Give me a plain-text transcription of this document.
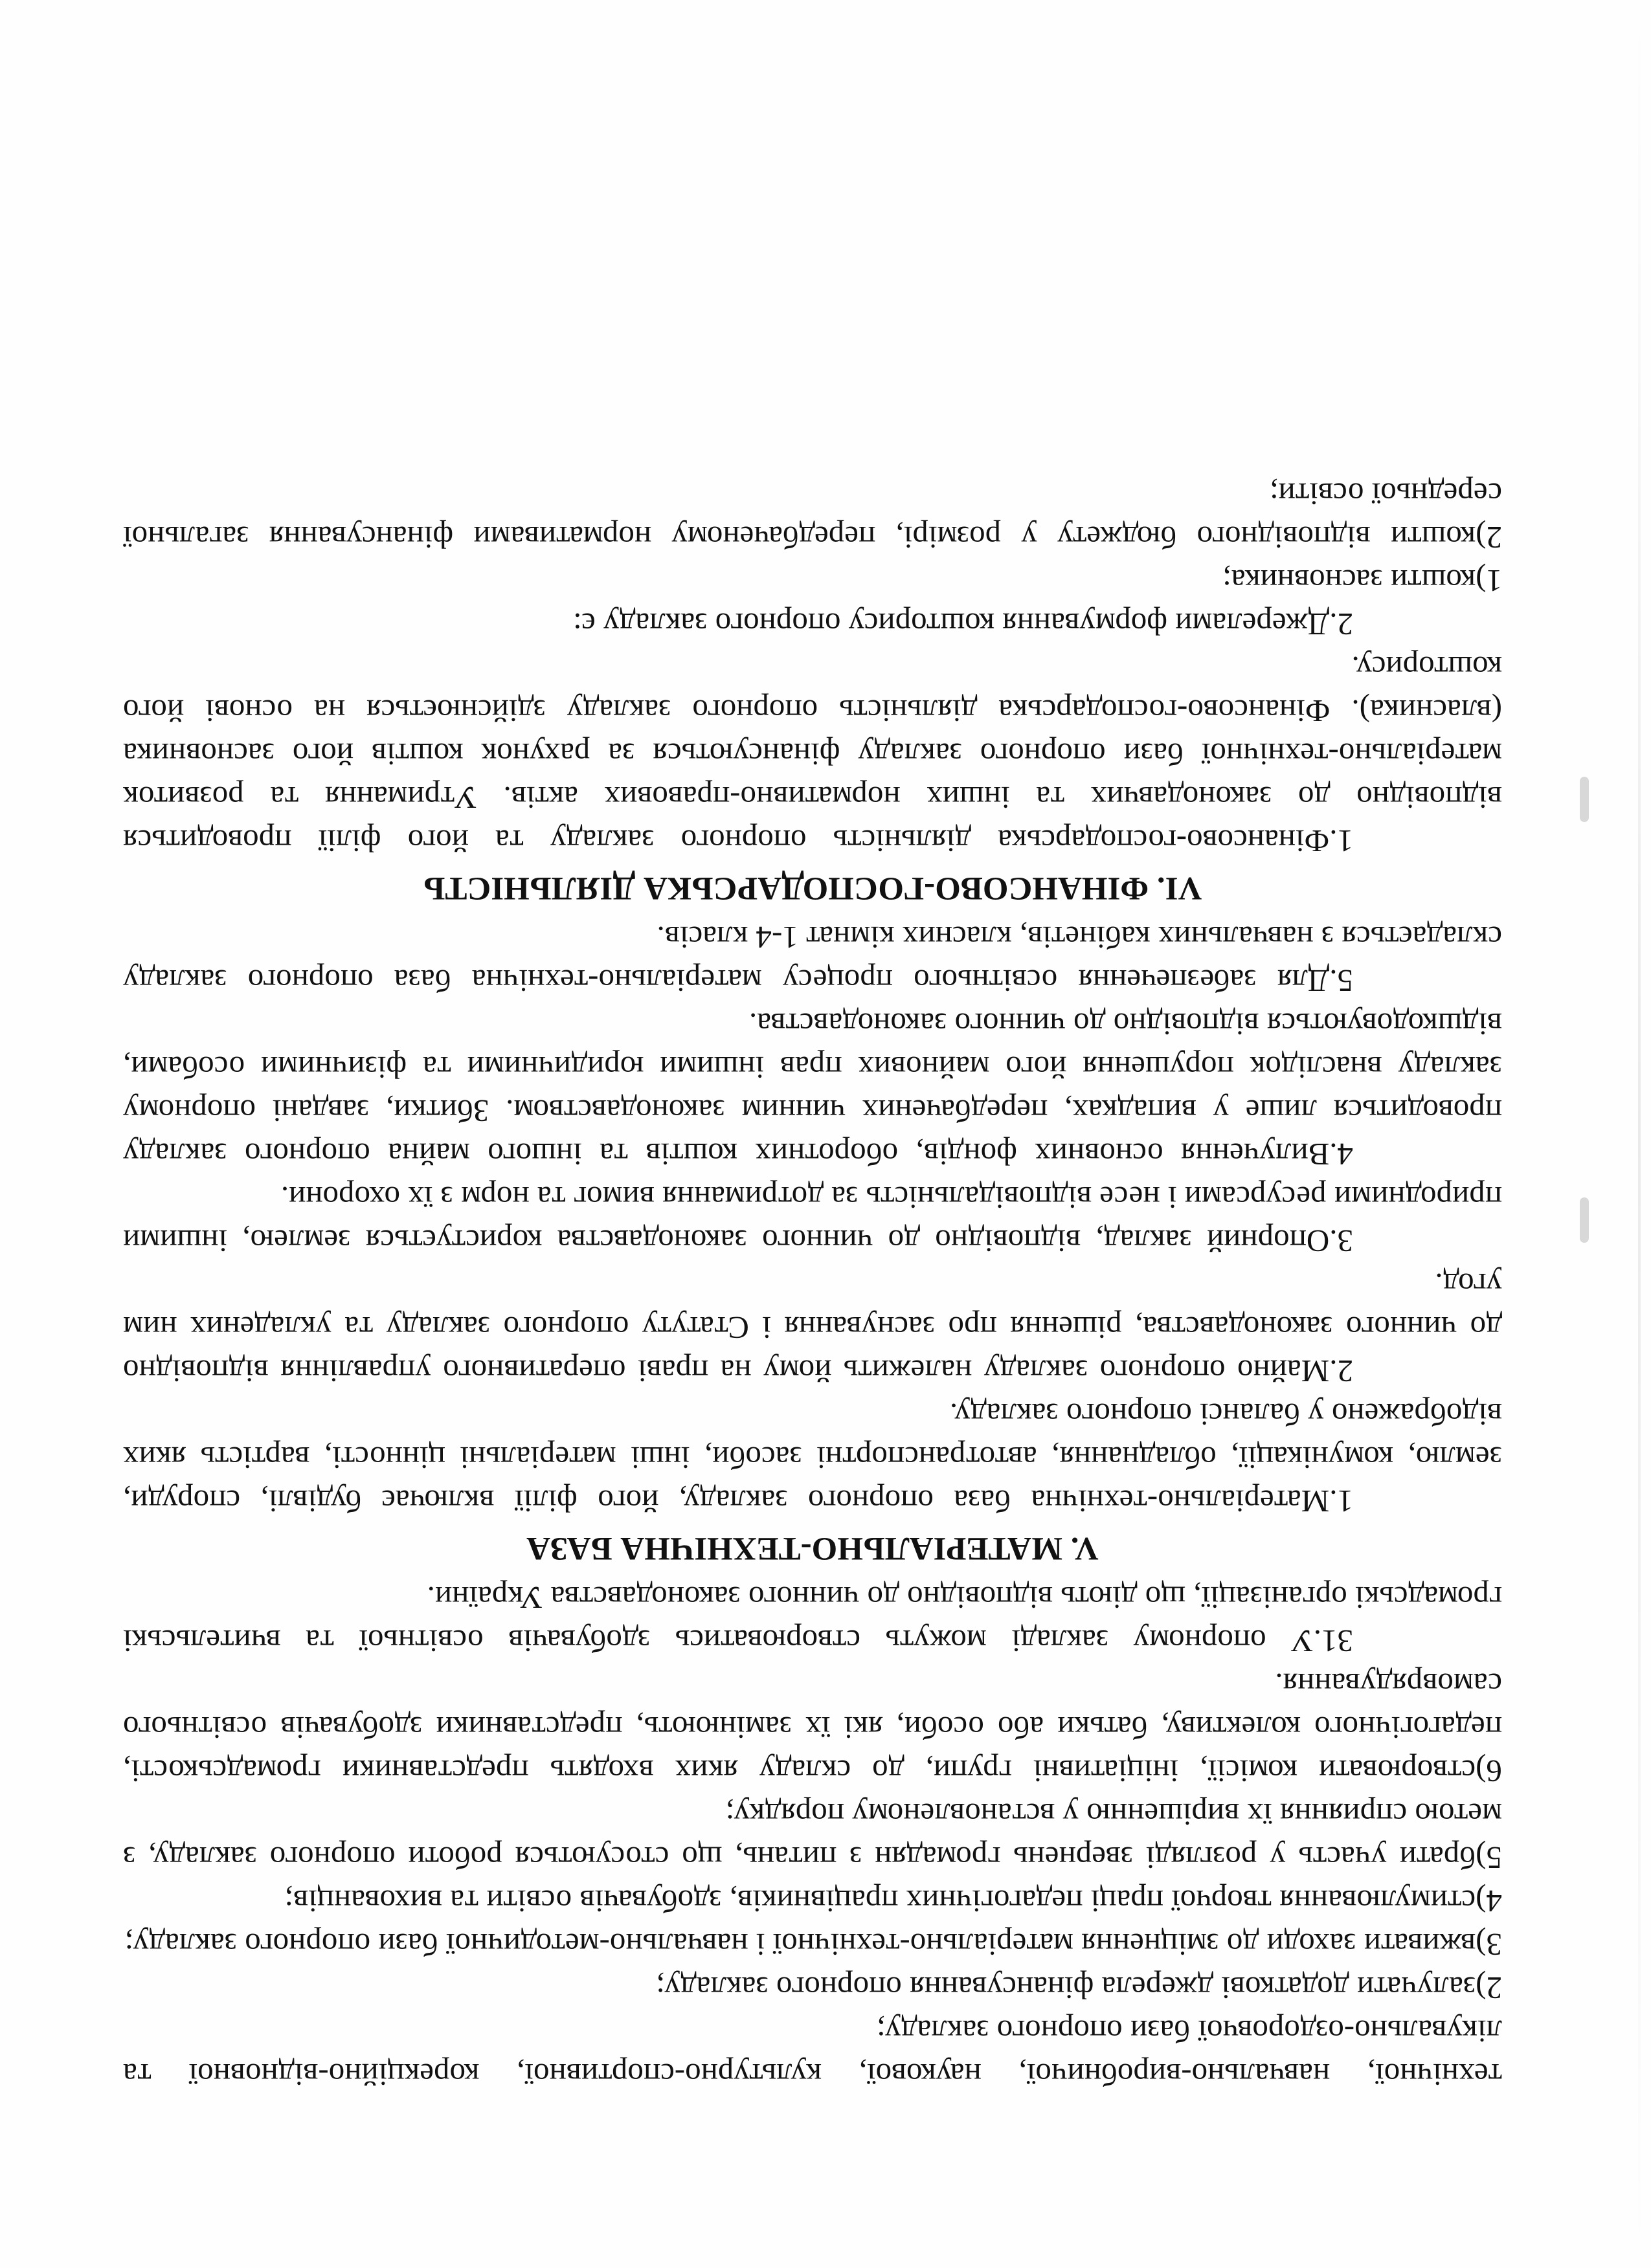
технічної, навчально-виробничої, наукової, культурно-спортивної, корекційно-відновної та лікувально-оздоровчої бази опорного закладу;

2)залучати додаткові джерела фінансування опорного закладу;

3)вживати заходи до зміцнення матеріально-технічної і навчально-методичної бази опорного закладу;

4)стимулювання творчої праці педагогічних працівників, здобувачів освіти та вихованців;

5)брати участь у розгляді звернень громадян з питань, що стосуються роботи опорного закладу, з метою сприяння їх вирішенню у встановленому порядку;

6)створювати комісії, ініціативні групи, до складу яких входять представники громадськості, педагогічного колективу, батьки або особи, які їх замінюють, представники здобувачів освітнього самоврядування.

31.У опорному закладі можуть створюватись здобувачів освітньої та вчительські громадські організації, що діють відповідно до чинного законодавства України.

V. МАТЕРІАЛЬНО-ТЕХНІЧНА БАЗА

1.Матеріально-технічна база опорного закладу, його філії включає будівлі, споруди, землю, комунікації, обладнання, автотранспортні засоби, інші матеріальні цінності, вартість яких відображено у балансі опорного закладу.

2.Майно опорного закладу належить йому на праві оперативного управління відповідно до чинного законодавства, рішення про заснування і Статуту опорного закладу та укладених ним угод.

3.Опорний заклад, відповідно до чинного законодавства користується землею, іншими природними ресурсами і несе відповідальність за дотримання вимог та норм з їх охорони.

4.Вилучення основних фондів, оборотних коштів та іншого майна опорного закладу проводиться лише у випадках, передбачених чинним законодавством. Збитки, завдані опорному закладу внаслідок порушення його майнових прав іншими юридичними та фізичними особами, відшкодовуються відповідно до чинного законодавства.

5.Для забезпечення освітнього процесу матеріально-технічна база опорного закладу складається з навчальних кабінетів, класних кімнат 1-4 класів.

VI. ФІНАНСОВО-ГОСПОДАРСЬКА ДІЯЛЬНІСТЬ

1.Фінансово-господарська діяльність опорного закладу та його філії проводиться відповідно до законодавчих та інших нормативно-правових актів. Утримання та розвиток матеріально-технічної бази опорного закладу фінансуються за рахунок коштів його засновника (власника). Фінансово-господарська діяльність опорного закладу здійснюється на основі його кошторису.

2.Джерелами формування кошторису опорного закладу є:

1)кошти засновника;

2)кошти відповідного бюджету у розмірі, передбаченому нормативами фінансування загальної середньої освіти;
